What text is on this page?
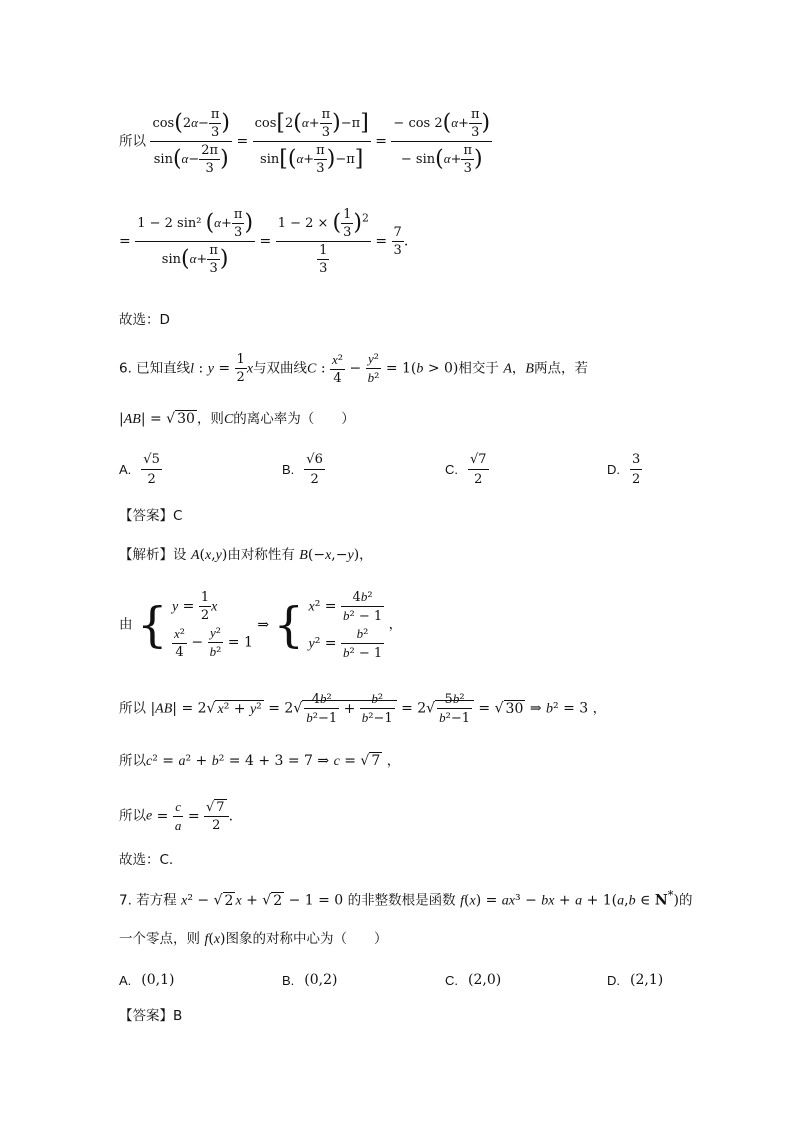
所以 $\frac{\cos(2\alpha- \frac{\pi}{3} )}{\sin(\alpha- \frac{2\pi}{3} )} = \frac{\cos[2(\alpha+ \frac{\pi}{3} )-\pi]}{\sin[(\alpha+ \frac{\pi}{3} )-\pi]} = \frac{- \cos 2(\alpha+ \frac{\pi}{3} )}{- \sin(\alpha+ \frac{\pi}{3} )}$
= $\frac{1 - 2 \sin^2 (\alpha+ \frac{\pi}{3} )}{\sin(\alpha+ \frac{\pi}{3} )} = \frac{1 - 2 \times ( \frac{1}{3} )^2}{\frac{1}{3}} = \frac{7}{3}$ .
故选：D
6. 已知直线l : $y = \frac{1}{2}$ x与双曲线C : $\frac{\text{x²}}{4} - \frac{\text{y²}}{\text{b²}} = 1(b > 0)$相交于 A，B两点，若
|AB| = √ 30 ，则C的离心率为（　　）
A. $\frac{√5}{2}$	B. $\frac{√6}{2}$	C. $\frac{√7}{2}$	D. $\frac{3}{2}$
【答案】C
【解析】设 A(x,y)由对称性有 B(−x,−y)，
由 { $y = \frac{1}{2}$ x
$\frac{\text{x²}}{4} - \frac{\text{y²}}{\text{b²}} = 1$
⇒ { $x^2 = \frac{\text{4b²}}{\text{b² − 1}}$
$y^2 = \frac{\text{b²}}{\text{b² − 1}}$
，
所以 |AB| = 2√ $x^2 + y^2 = 2√ \frac{\text{4b²}}{\text{b²−1}} + \frac{\text{b²}}{\text{b²−1}} = 2√ \frac{\text{5b²}}{\text{b²−1}}$ = √ 30 ⇒ b² = 3 ，
所以c² = a² + b² = 4 + 3 = 7 ⇒ c = √ 7 ，
所以$e = \frac{c}{a} = \frac{√ 7}{2}$ .
故选：C.
7. 若方程 x² − √ 2 x + √ 2 − 1 = 0 的非整数根是函数 f(x) = ax³ − bx + a + 1(a,b ∈ N*)的
一个零点，则 f(x)图象的对称中心为（　　）
A. (0,1)	B. (0,2)	C. (2,0)	D. (2,1)
【答案】B
